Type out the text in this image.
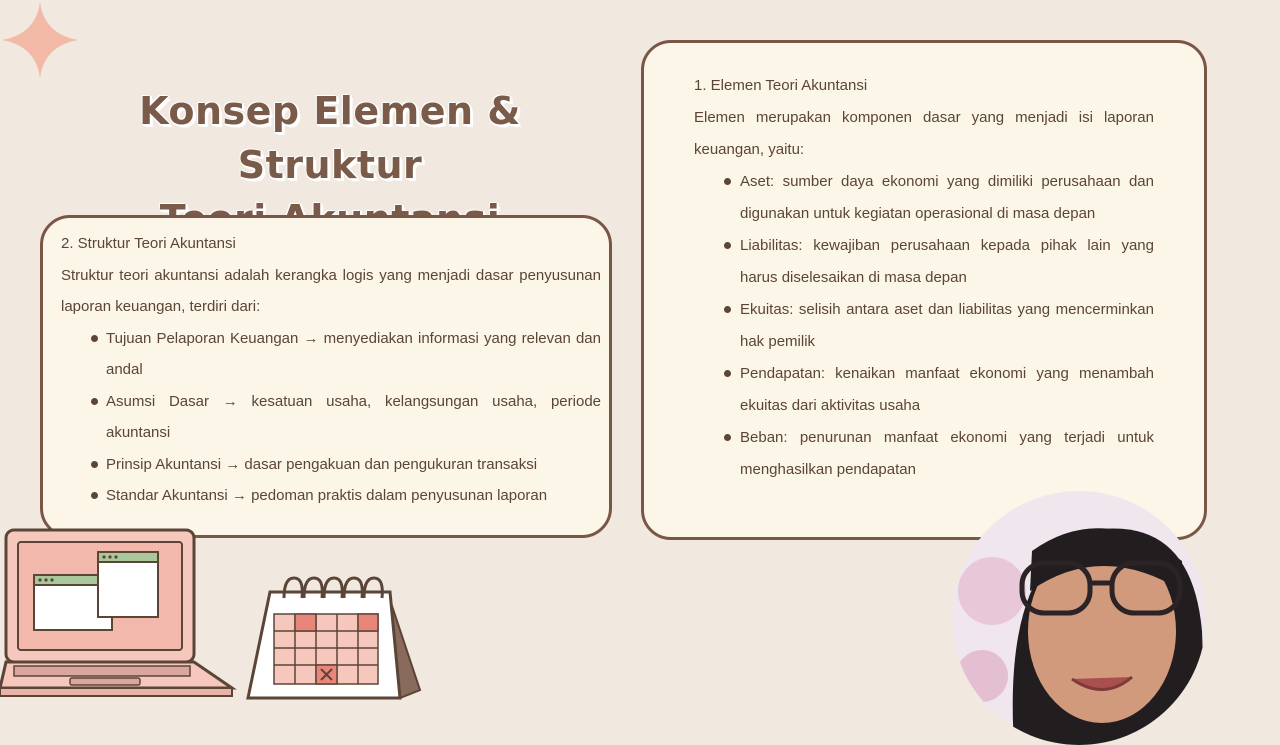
Konsep Elemen & Struktur

2. Struktur Teori Akuntansi

Struktur teori akuntansi adalah kerangka logis yang menjadi dasar penyusunan laporan keuangan, terdiri dari:

Tujuan Pelaporan Keuangan → menyediakan informasi yang relevan dan andal
Asumsi Dasar → kesatuan usaha, kelangsungan usaha, periode akuntansi
Prinsip Akuntansi → dasar pengakuan dan pengukuran transaksi
Standar Akuntansi → pedoman praktis dalam penyusunan laporan

1. Elemen Teori Akuntansi

Elemen merupakan komponen dasar yang menjadi isi laporan keuangan, yaitu:

Aset: sumber daya ekonomi yang dimiliki perusahaan dan digunakan untuk kegiatan operasional di masa depan
Liabilitas: kewajiban perusahaan kepada pihak lain yang harus diselesaikan di masa depan
Ekuitas: selisih antara aset dan liabilitas yang mencerminkan hak pemilik
Pendapatan: kenaikan manfaat ekonomi yang menambah ekuitas dari aktivitas usaha
Beban: penurunan manfaat ekonomi yang terjadi untuk menghasilkan pendapatan
